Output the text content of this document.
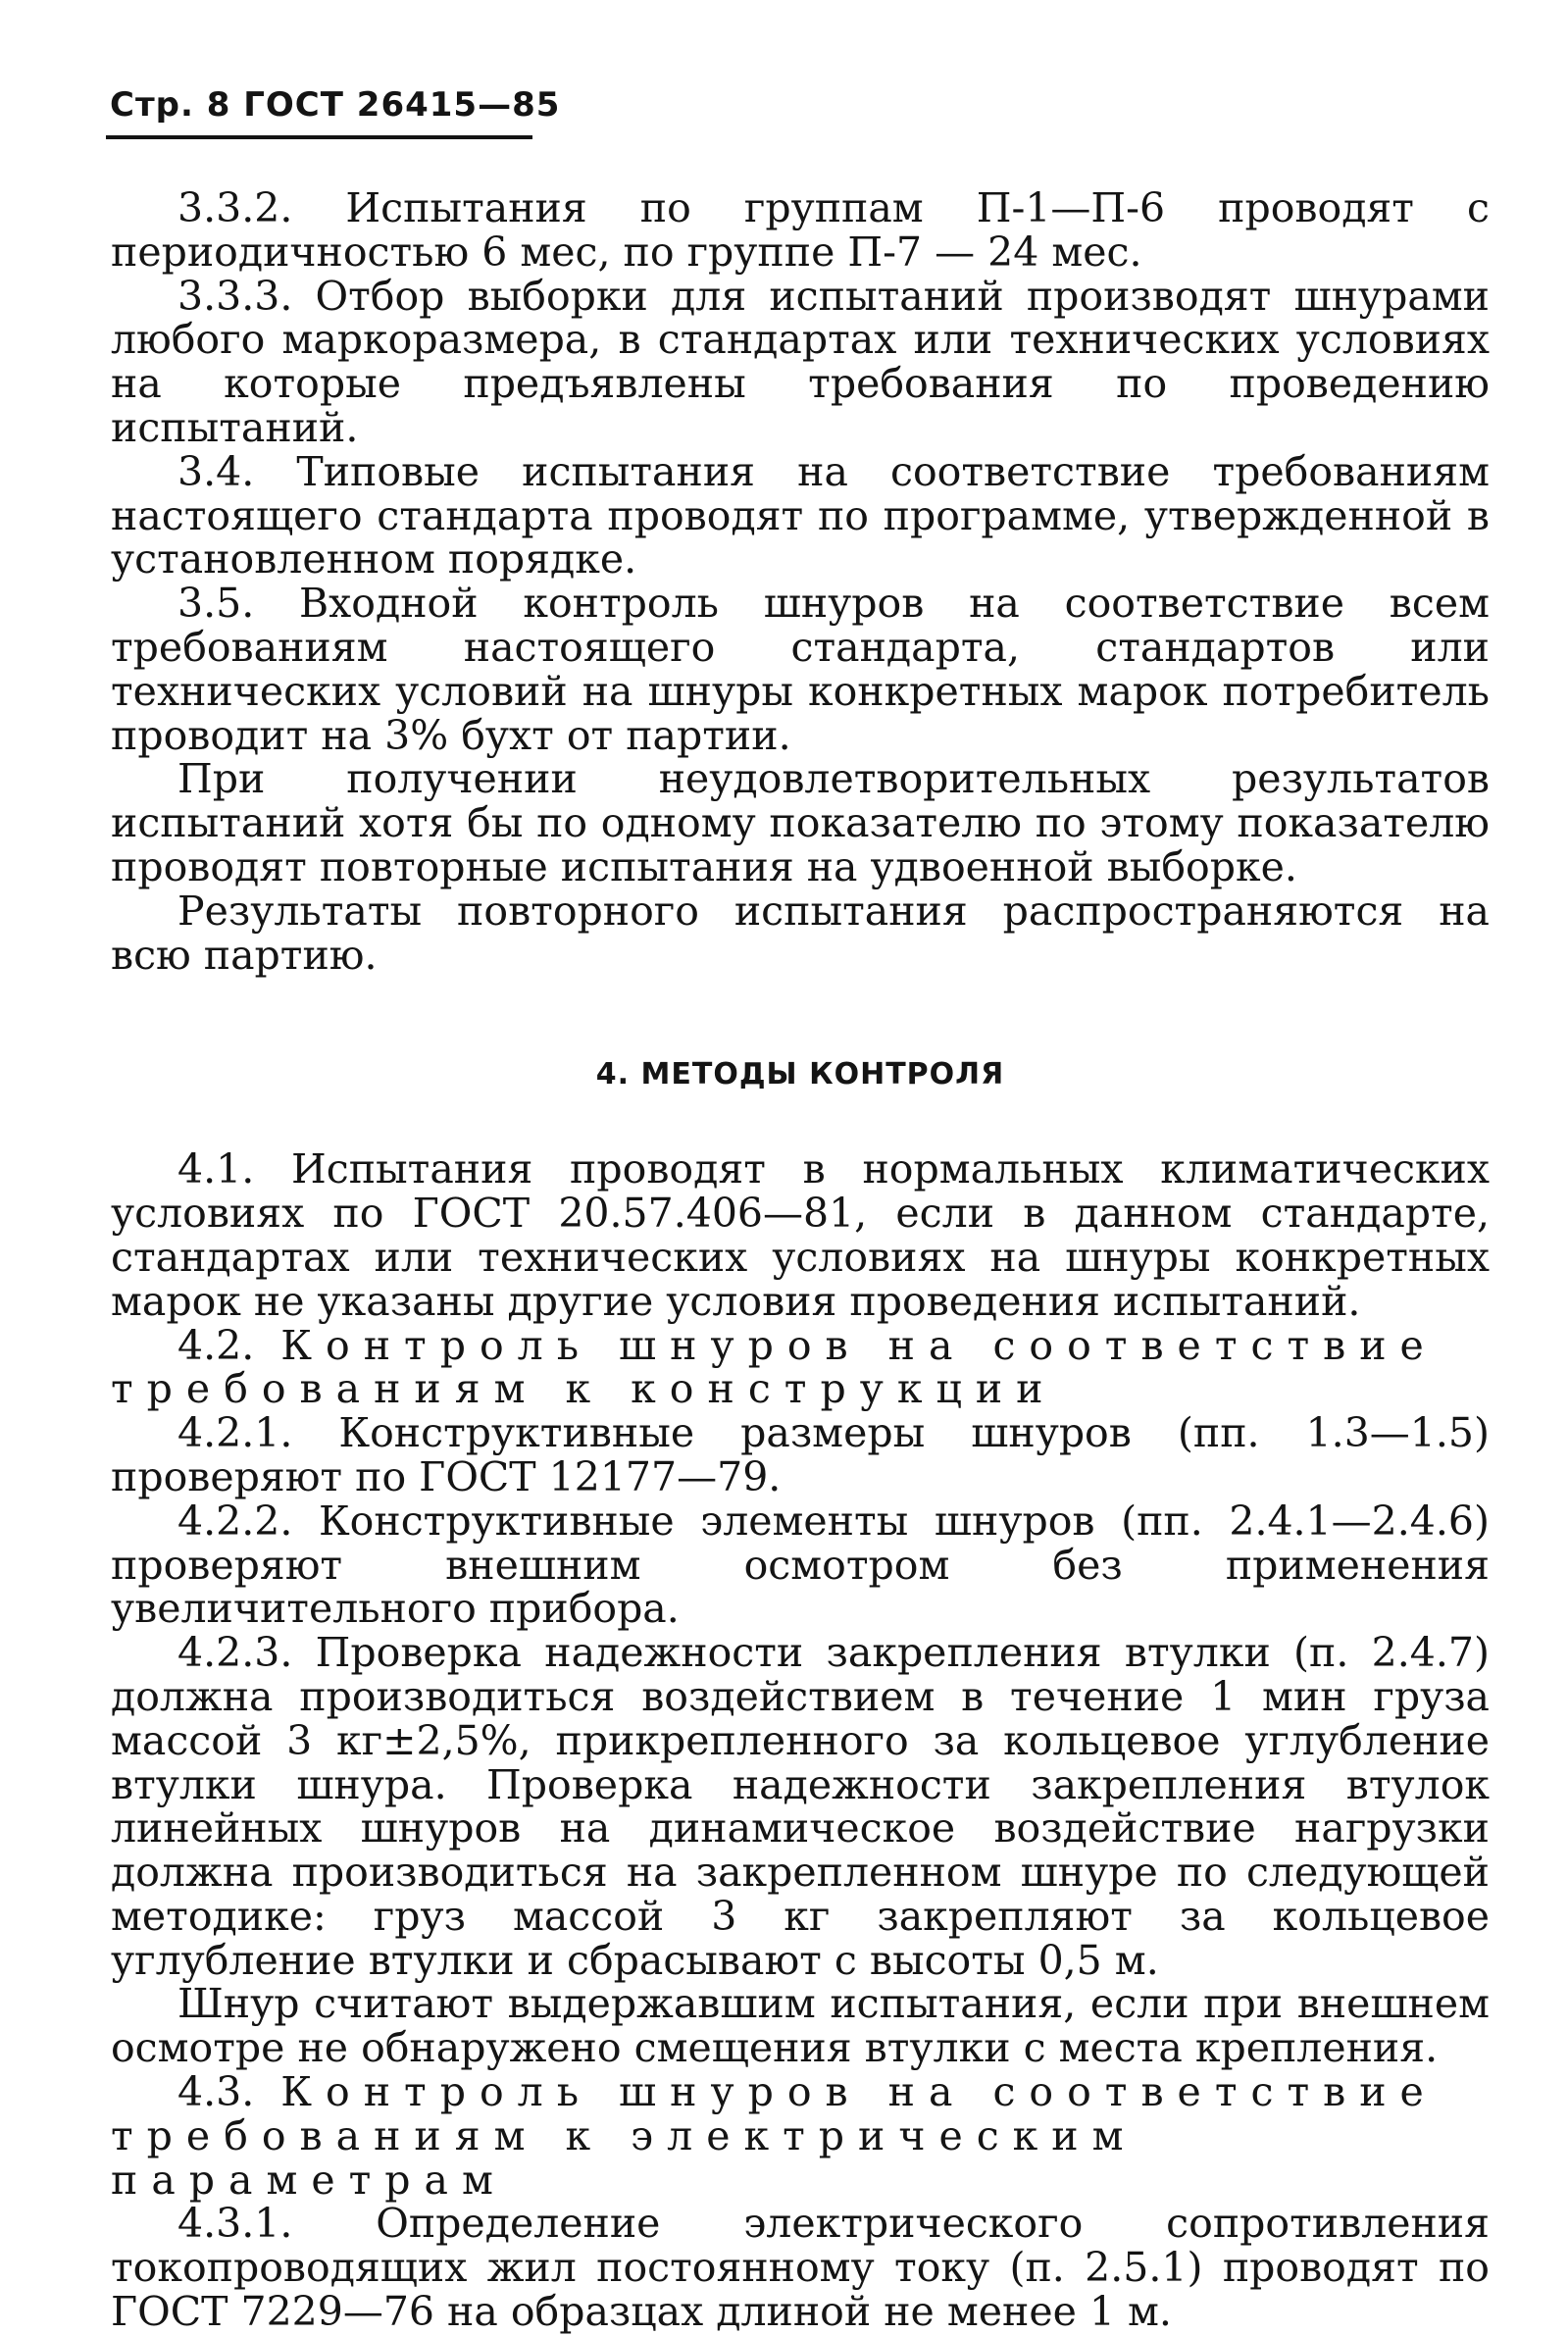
Стр. 8 ГОСТ 26415—85

3.3.2. Испытания по группам П-1—П-6 проводят с периодичностью 6 мес, по группе П-7 — 24 мес.

3.3.3. Отбор выборки для испытаний производят шнурами любого маркоразмера, в стандартах или технических условиях на которые предъявлены требования по проведению испытаний.

3.4. Типовые испытания на соответствие требованиям настоящего стандарта проводят по программе, утвержденной в установленном порядке.

3.5. Входной контроль шнуров на соответствие всем требованиям настоящего стандарта, стандартов или технических условий на шнуры конкретных марок потребитель проводит на 3% бухт от партии.

При получении неудовлетворительных результатов испытаний хотя бы по одному показателю по этому показателю проводят повторные испытания на удвоенной выборке.

Результаты повторного испытания распространяются на всю партию.

4. МЕТОДЫ КОНТРОЛЯ

4.1. Испытания проводят в нормальных климатических условиях по ГОСТ 20.57.406—81, если в данном стандарте, стандартах или технических условиях на шнуры конкретных марок не указаны другие условия проведения испытаний.

4.2. Контроль шнуров на соответствие требованиям к конструкции

4.2.1. Конструктивные размеры шнуров (пп. 1.3—1.5) проверяют по ГОСТ 12177—79.

4.2.2. Конструктивные элементы шнуров (пп. 2.4.1—2.4.6) проверяют внешним осмотром без применения увеличительного прибора.

4.2.3. Проверка надежности закрепления втулки (п. 2.4.7) должна производиться воздействием в течение 1 мин груза массой 3 кг±2,5%, прикрепленного за кольцевое углубление втулки шнура. Проверка надежности закрепления втулок линейных шнуров на динамическое воздействие нагрузки должна производиться на закрепленном шнуре по следующей методике: груз массой 3 кг закрепляют за кольцевое углубление втулки и сбрасывают с высоты 0,5 м.

Шнур считают выдержавшим испытания, если при внешнем осмотре не обнаружено смещения втулки с места крепления.

4.3. Контроль шнуров на соответствие требованиям к электрическим параметрам

4.3.1. Определение электрического сопротивления токопроводящих жил постоянному току (п. 2.5.1) проводят по ГОСТ 7229—76 на образцах длиной не менее 1 м.
